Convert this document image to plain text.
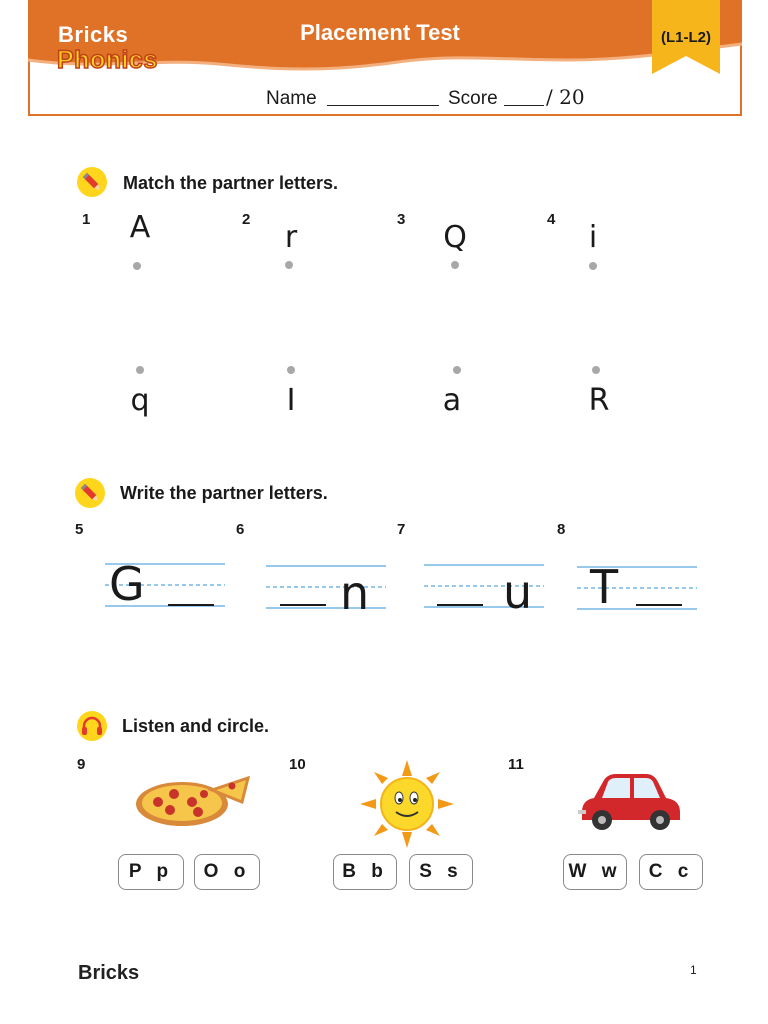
Bricks
Phonics
Placement Test	(L1-L2)
Name	Score / 20
Match the partner letters.
1	2	3	4
A	r	Q	i
q	I	a	R
Write the partner letters.
5	6	7	8
G	n	u T
Listen and circle.
9	10	11
P p	O o	B b	S s	W w	C c
Bricks	1
